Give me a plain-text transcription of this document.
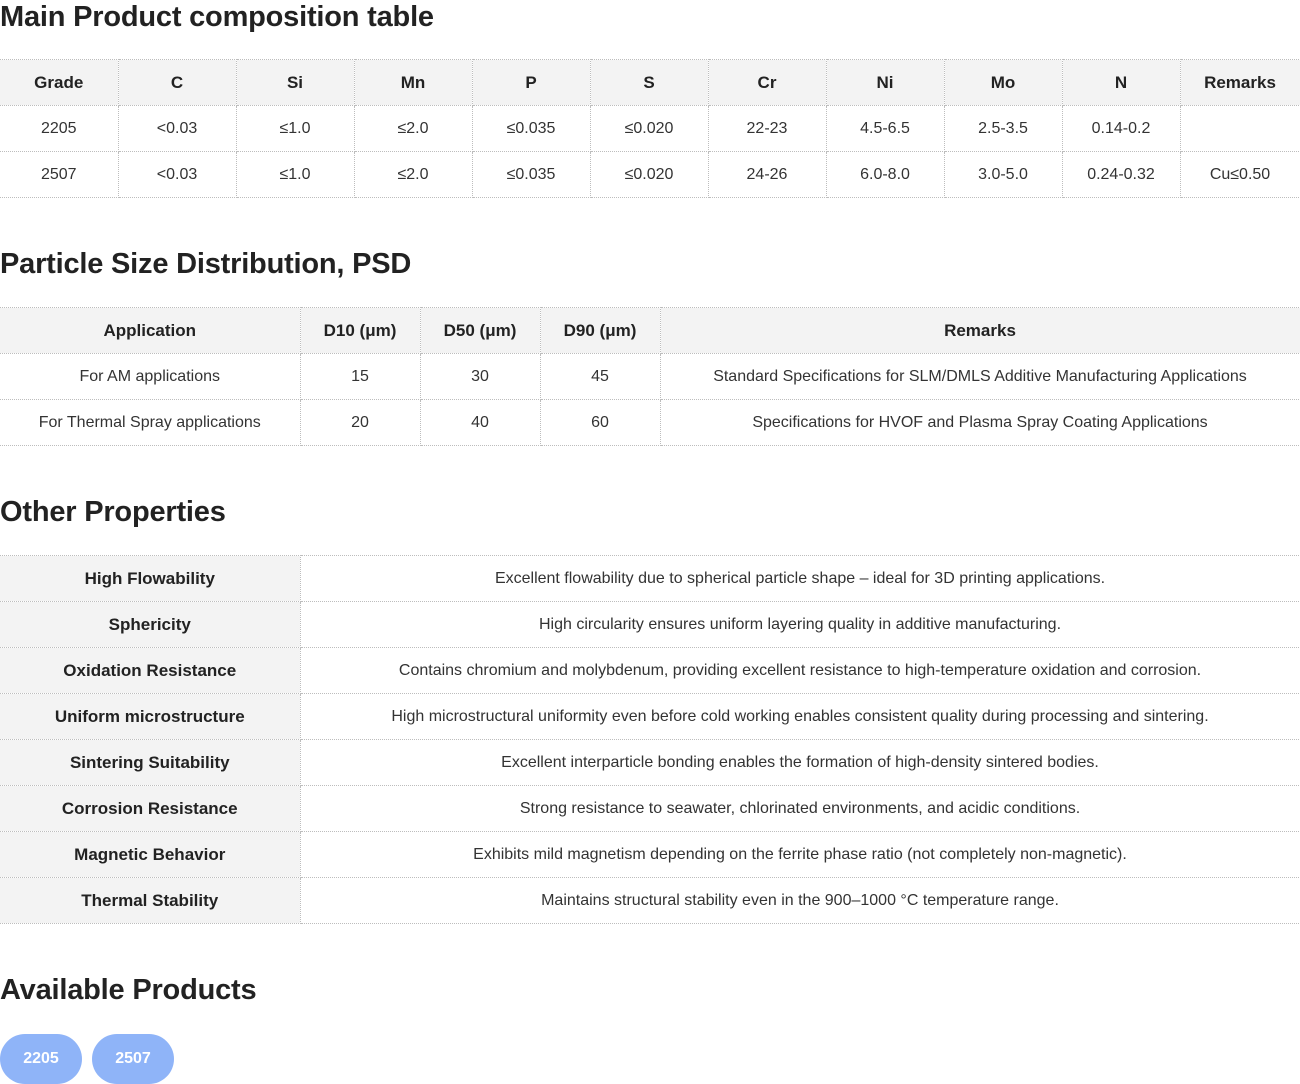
Main Product composition table
Grade	C	Si	Mn	P	S	Cr	Ni	Mo	N	Remarks
2205	<0.03	≤1.0	≤2.0	≤0.035	≤0.020	22-23	4.5-6.5	2.5-3.5	0.14-0.2	
2507	<0.03	≤1.0	≤2.0	≤0.035	≤0.020	24-26	6.0-8.0	3.0-5.0	0.24-0.32	Cu≤0.50
Particle Size Distribution, PSD
Application	D10 (μm)	D50 (μm)	D90 (μm)	Remarks
For AM applications	15	30	45	Standard Specifications for SLM/DMLS Additive Manufacturing Applications
For Thermal Spray applications	20	40	60	Specifications for HVOF and Plasma Spray Coating Applications
Other Properties
High Flowability	Excellent flowability due to spherical particle shape – ideal for 3D printing applications.
Sphericity	High circularity ensures uniform layering quality in additive manufacturing.
Oxidation Resistance	Contains chromium and molybdenum, providing excellent resistance to high-temperature oxidation and corrosion.
Uniform microstructure	High microstructural uniformity even before cold working enables consistent quality during processing and sintering.
Sintering Suitability	Excellent interparticle bonding enables the formation of high-density sintered bodies.
Corrosion Resistance	Strong resistance to seawater, chlorinated environments, and acidic conditions.
Magnetic Behavior	Exhibits mild magnetism depending on the ferrite phase ratio (not completely non-magnetic).
Thermal Stability	Maintains structural stability even in the 900–1000 °C temperature range.
Available Products
2205	2507
